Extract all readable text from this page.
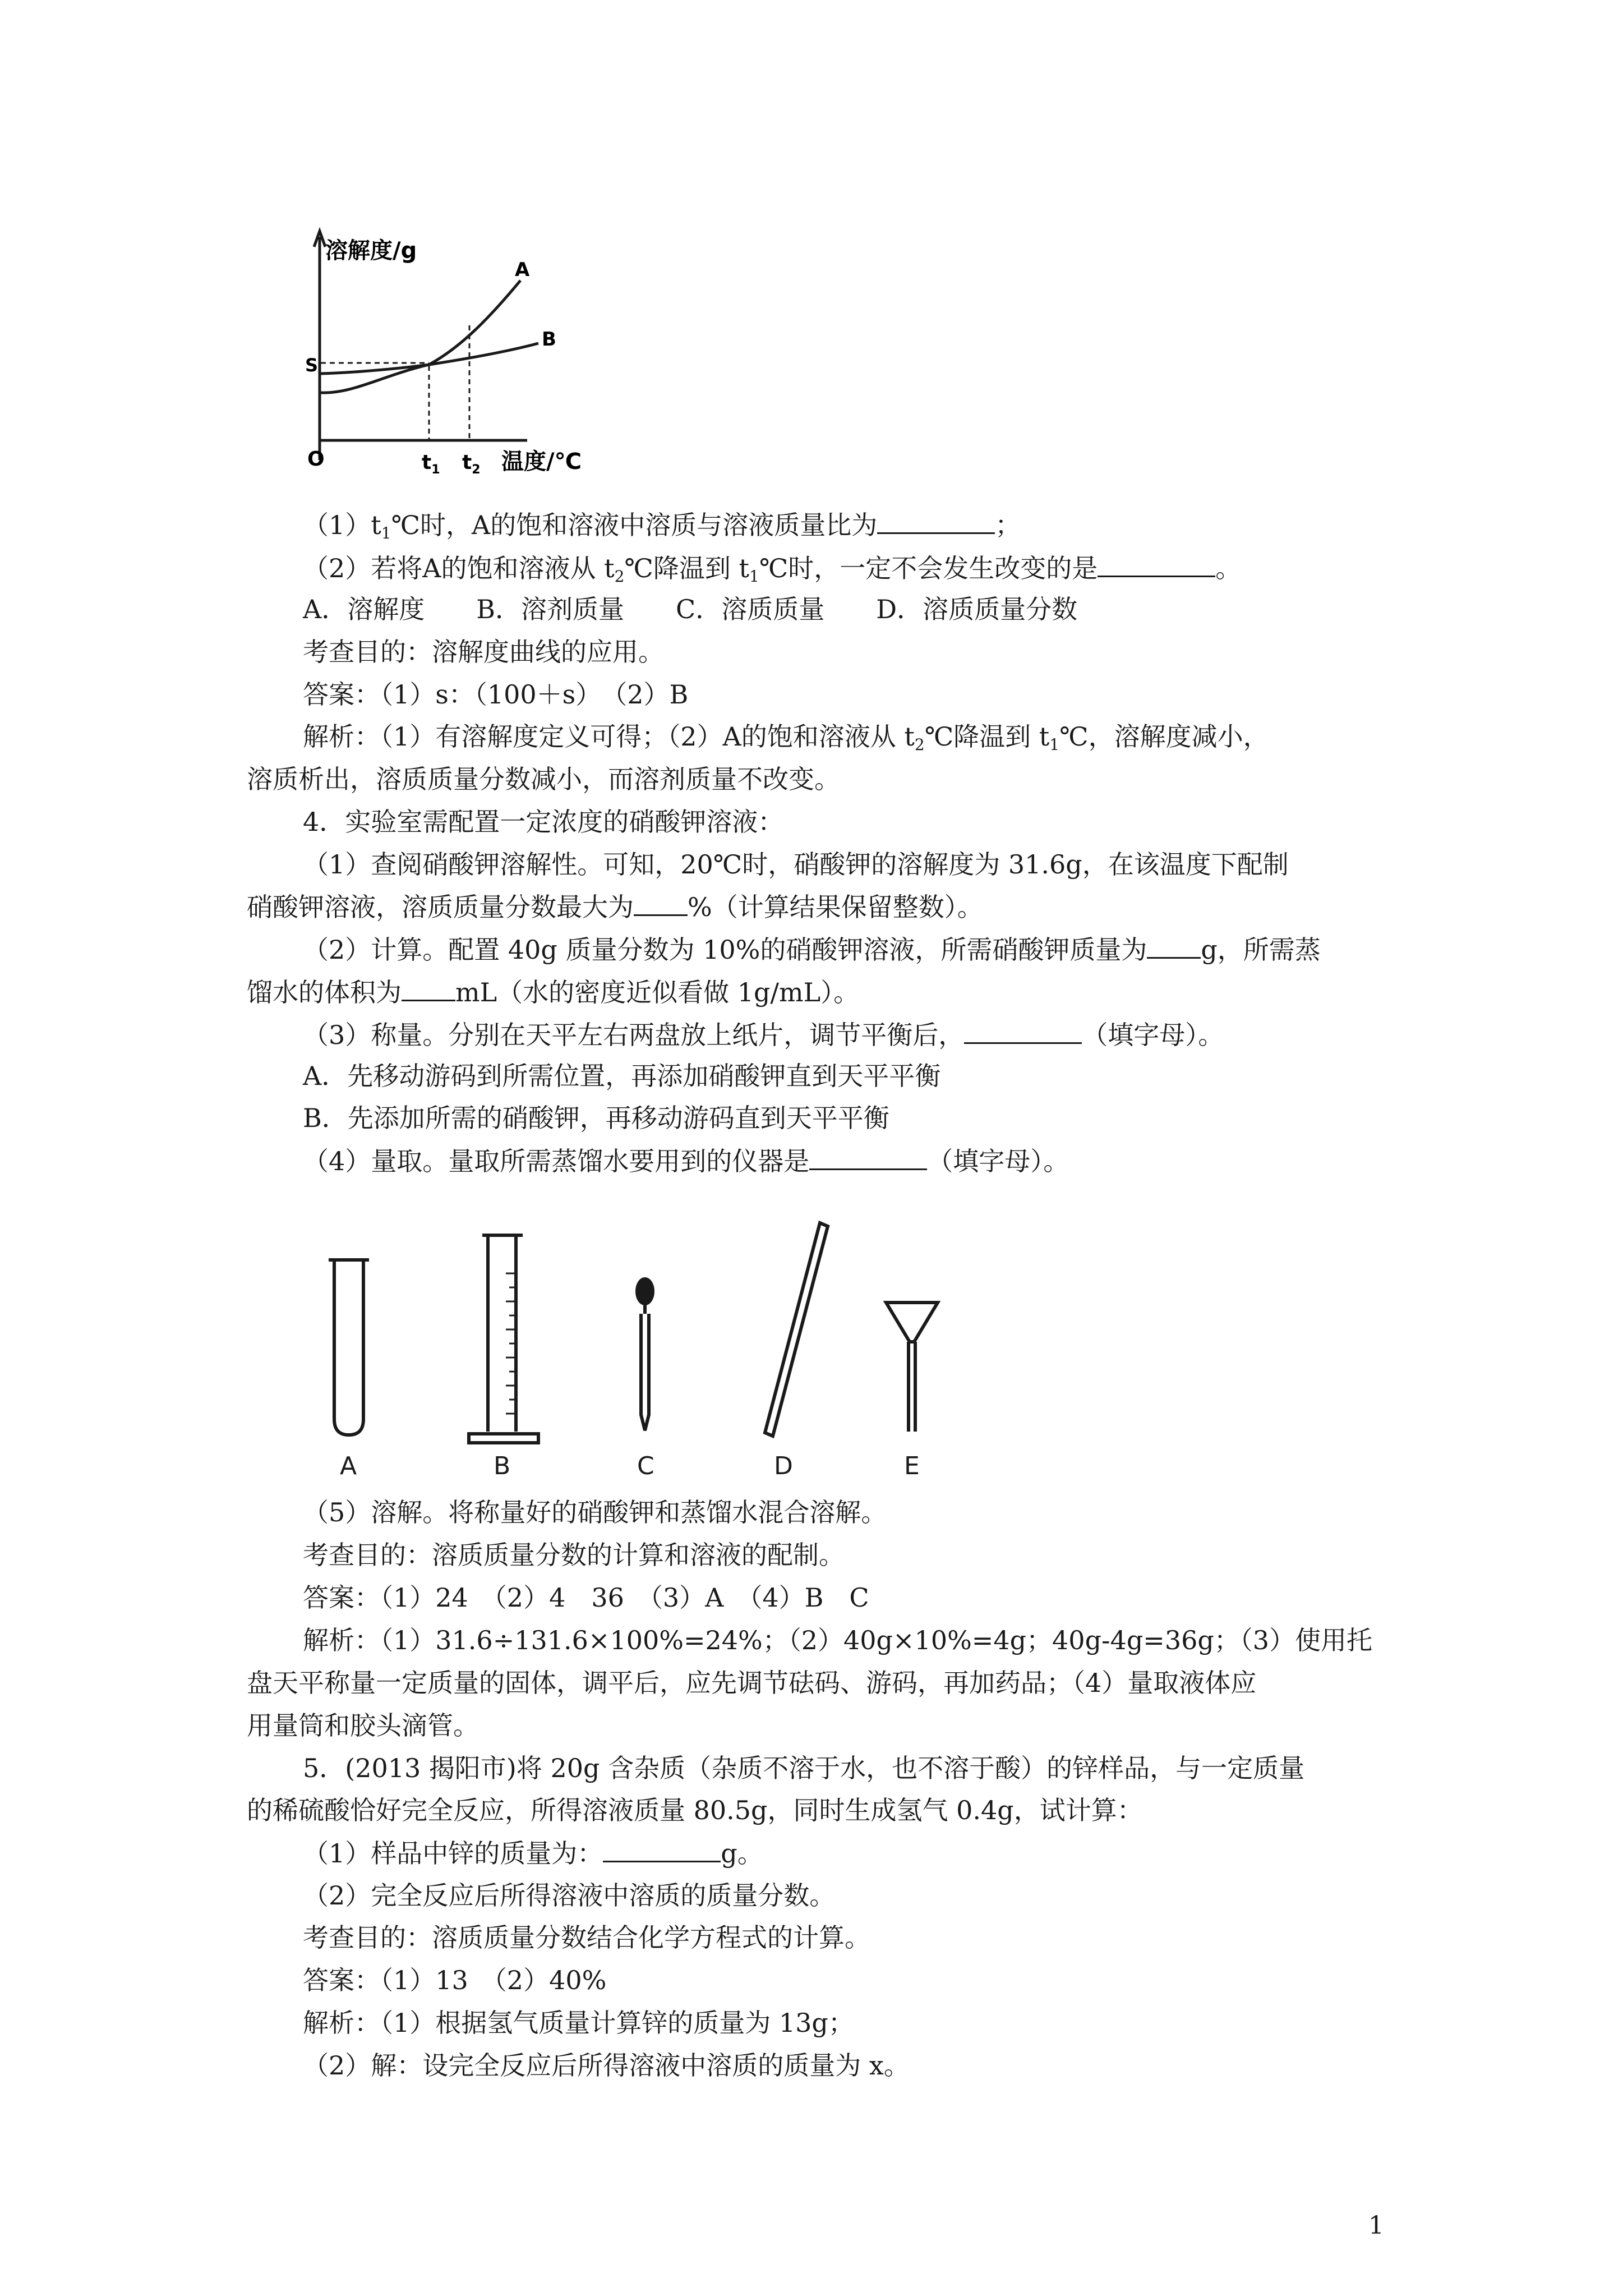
溶解度/g
S
A
B
O	$t_1$ $t_2$ 温度/℃
$(1)t_1℃$时，A的饱和溶液中溶质与溶液质量比为	；
（2）若将A的饱和溶液从 $t_2℃$降温到 $t_1℃$时，一定不会发生改变的是	。
A．溶解度　　B．溶剂质量　　C．溶质质量　　D．溶质质量分数
考查目的：溶解度曲线的应用。
答案：（1）s：（100＋s）　（2）B
解析：（1）有溶解度定义可得；（2）A的饱和溶液从 $t_2℃$降温到 $t_1℃$，溶解度减小，
溶质析出，溶质质量分数减小，而溶剂质量不改变。
4．实验室需配置一定浓度的硝酸钾溶液：
（1）查阅硝酸钾溶解性。可知，20℃时，硝酸钾的溶解度为 31.6g，在该温度下配制
硝酸钾溶液，溶质质量分数最大为 %（计算结果保留整数）。
（2）计算。配置 40g 质量分数为 10%的硝酸钾溶液，所需硝酸钾质量为 g，所需蒸
馏水的体积为 mL（水的密度近似看做 1g/mL）。
（3）称量。分别在天平左右两盘放上纸片，调节平衡后，	（填字母）。
A．先移动游码到所需位置，再添加硝酸钾直到天平平衡
B．先添加所需的硝酸钾，再移动游码直到天平平衡
（4）量取。量取所需蒸馏水要用到的仪器是	（填字母）。
A	B	C	D	E
（5）溶解。将称量好的硝酸钾和蒸馏水混合溶解。
考查目的：溶质质量分数的计算和溶液的配制。
答案：（1）24　（2）4　36　（3）A　（4）B　C
解析：（1）31.6÷131.6×100%=24%；（2）40g×10%=4g；40g-4g=36g；（3）使用托
盘天平称量一定质量的固体，调平后，应先调节砝码、游码，再加药品；（4）量取液体应
用量筒和胶头滴管。
5．(2013 揭阳市)将 20g 含杂质（杂质不溶于水，也不溶于酸）的锌样品，与一定质量
的稀硫酸恰好完全反应，所得溶液质量 80.5g，同时生成氢气 0.4g，试计算：
（1）样品中锌的质量为：	g。
（2）完全反应后所得溶液中溶质的质量分数。
考查目的：溶质质量分数结合化学方程式的计算。
答案：（1）13　（2）40%
解析：（1）根据氢气质量计算锌的质量为 13g；
（2）解：设完全反应后所得溶液中溶质的质量为 x。
1
